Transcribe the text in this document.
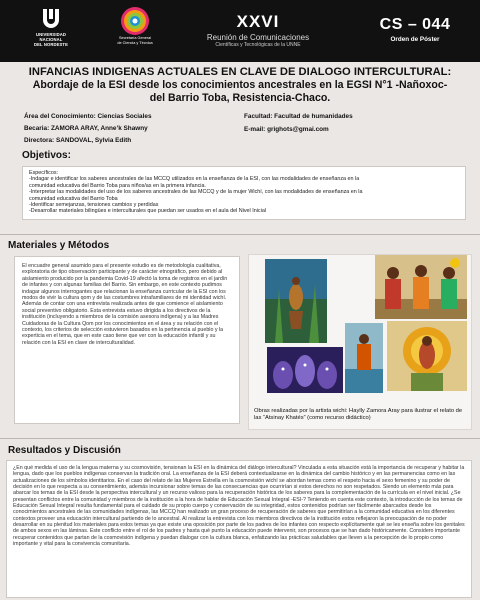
UNIVERSIDAD
NACIONAL
DEL NORDESTE
Secretaría General
de Ciencia y Técnica
XXVI
Reunión de Comunicaciones
Científicas y Tecnológicas de la UNNE
CS – 044
Orden de Póster
INFANCIAS INDIGENAS ACTUALES EN CLAVE DE DIALOGO INTERCULTURAL:
Abordaje de la ESI desde los conocimientos ancestrales en la EGSI N°1 -Nañoxoc-
del Barrio Toba, Resistencia-Chaco.
Área del Conocimiento: Ciencias Sociales
Becaria: ZAMORA ARAY, Anne’k Shawny
Directora: SANDOVAL, Sylvia Edith
Facultad: Facultad de humanidades
E-mail: grighots@gmai.com
Objetivos:
Específicos:
-Indagar e identificar los saberes ancestrales de las MCCQ utilizados en la enseñanza de la ESI, con las modalidades de enseñanza en la
comunidad educativa del Barrio Toba para niños/as en la primera infancia.
-Interpretar las modalidades del uso de los saberes ancestrales de las MCCQ y de la mujer Wichí, con las modalidades de enseñanza en la
comunidad educativa del Barrio Toba
-Identificar semejanzas, tensiones cambios y perdidas
-Desarrollar materiales bilingües e interculturales que puedan ser usados en el aula del Nivel Inicial
Materiales y Métodos
El encuadre general asumido para el presente estudio es de metodología cualitativa, exploratoria de tipo observación participante y de carácter etnográfico, pero debido al aislamiento producido por la pandemia Covid-19 afectó la toma de registros en el jardín de infantes y con algunas familias del Barrio. Sin embargo, en este contexto pudimos indagar algunos interrogantes que relacionan la enseñanza curricular de la ESI con los modos de vivir la cultura qom y de las costumbres intrafamiliares de mi identidad wichí. Además de contar con una entrevista realizada antes de que comience el aislamiento social preventivo obligatorio. Esta entrevista estuvo dirigida a los directivos de la institución (incluyendo a miembros de la comisión asesora indígena) y a las Madres Cuidadoras de la Cultura Qom por los conocimientos en el área y su relación con el contexto, los criterios de selección estuvieron basados en la pertinencia al pueblo y la experticia en el tema, que en este caso tiene que ver con la educación infantil y su relación con la ESI en clave de interculturalidad.
Obras realizadas por la artista wichi: Haylly Zamora Aray para ilustrar el relato de las “Atsinay Khatés” (como recurso didáctico)
Resultados y Discusión
¿En qué medida el uso de la lengua materna y su cosmovisión, tensionan la ESI en la dinámica del diálogo intercultural? Vinculada a esta situación está la importancia de recuperar y habitar la lengua, dado que los pueblos indígenas conservan la tradición oral. La enseñanza de la ESI deberá contextualizarse en la dinámica del cambio histórico y en las permanencias como en las actualizaciones de los símbolos identitarios. En el caso del relato de las Mujeres Estrella en la cosmovisión wichí se abordan temas como el respeto hacia el sexo femenino y su poder de decisión en lo que respecta a su consentimiento, además incursionar sobre temas de las consecuencias que ocurrirían si estos derechos no son respetados. Siendo un elemento más para abarcar los temas de la ESI desde la perspectiva intercultural y un recurso valioso para la recuperación histórica de los saberes para la complementación de la currícula en el nivel inicial. ¿Se presentan conflictos entre la comunidad y miembros de la institución a la hora de hablar de Educación Sexual Integral -ESI-? Teniendo en cuenta este contexto, la introducción de los temas de Educación Sexual Integral resulta fundamental para el cuidado de su propio cuerpo y conservación de su integridad, estos contenidos podrían ser fácilmente abarcados desde los conocimientos ancestrales de las comunidades indígenas, las MCCQ han realizado un gran proceso de recuperación de saberes que permitirían a la comunidad educativa en los diferentes contextos proveer una educación intercultural partiendo de lo ancestral. Al realizar la entrevista con los miembros directivos de la institución estos reflejaron la preocupación de no poder desarrollar en su plenitud los materiales para estos temas ya que existe una oposición por parte de los padres de los infantes con respecto explícitamente qué se les enseña sobre los genitales de ambos sexos en las láminas. Este conflicto entre el rol de los padres y hasta qué punto la educación puede intervenir, son procesos que se han dado históricamente. Considero importante recuperar contenidos que partan de la cosmovisión indígena y puedan dialogar con la cultura blanca, enfatizando las prácticas saludables que lleven a la percepción de lo propio como importante y vital para la convivencia comunitaria.
